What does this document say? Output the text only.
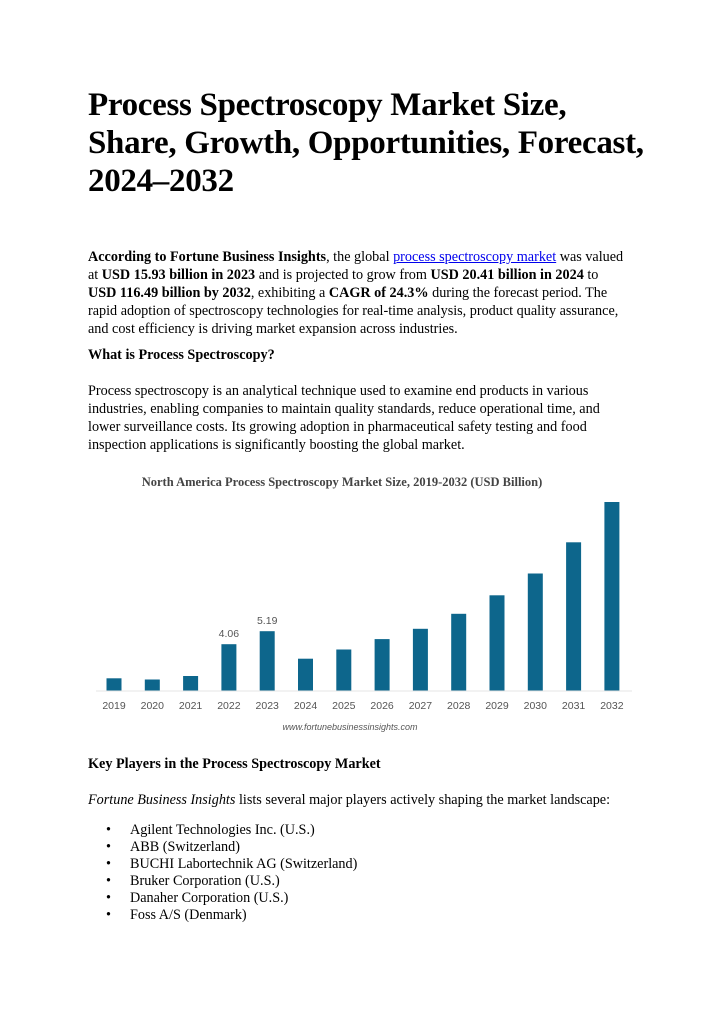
Process Spectroscopy Market Size, Share, Growth, Opportunities, Forecast, 2024–2032

According to Fortune Business Insights, the global process spectroscopy market was valued at USD 15.93 billion in 2023 and is projected to grow from USD 20.41 billion in 2024 to USD 116.49 billion by 2032, exhibiting a CAGR of 24.3% during the forecast period. The rapid adoption of spectroscopy technologies for real-time analysis, product quality assurance, and cost efficiency is driving market expansion across industries.

What is Process Spectroscopy?

Process spectroscopy is an analytical technique used to examine end products in various industries, enabling companies to maintain quality standards, reduce operational time, and lower surveillance costs. Its growing adoption in pharmaceutical safety testing and food inspection applications is significantly boosting the global market.

Key Players in the Process Spectroscopy Market

Fortune Business Insights lists several major players actively shaping the market landscape:

• Agilent Technologies Inc. (U.S.)
• ABB (Switzerland)
• BUCHI Labortechnik AG (Switzerland)
• Bruker Corporation (U.S.)
• Danaher Corporation (U.S.)
• Foss A/S (Denmark)
North America Process Spectroscopy Market Size, 2019-2032 (USD Billion)
4.06
5.19
2019 2020 2021 2022 2023 2024 2025 2026 2027 2028 2029 2030 2031 2032
www.fortunebusinessinsights.com
